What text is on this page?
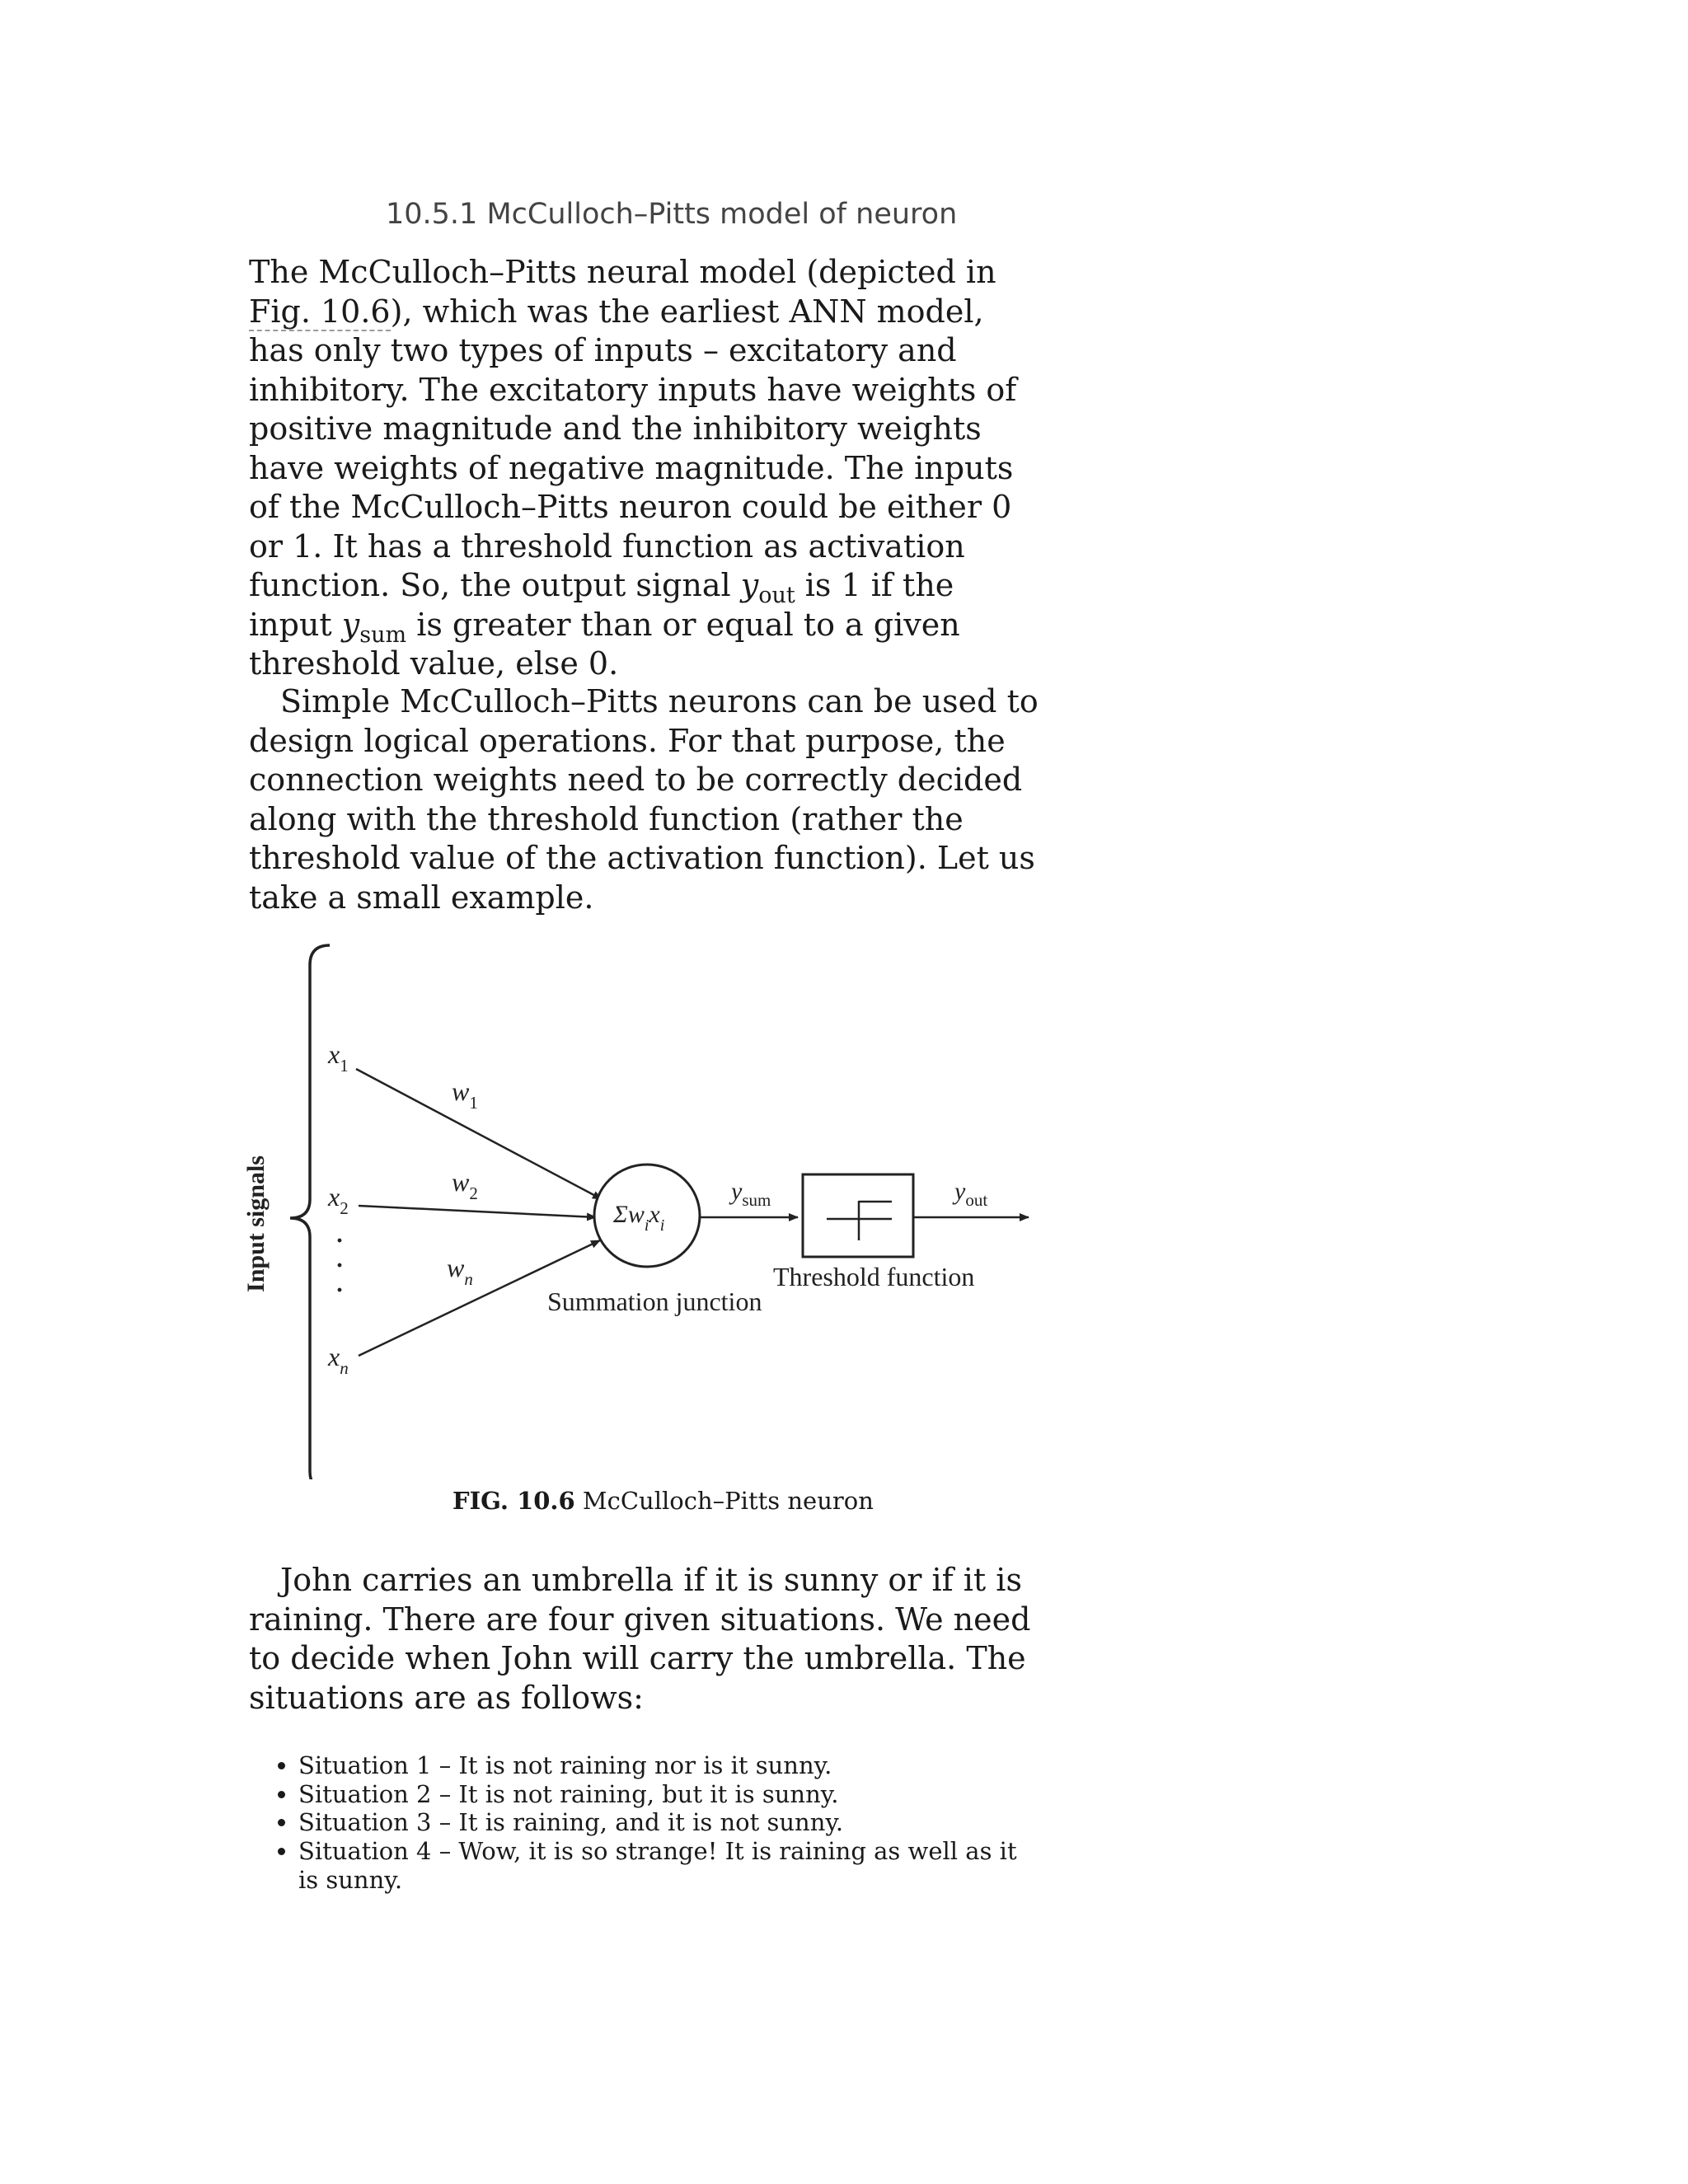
10.5.1 McCulloch–Pitts model of neuron

The McCulloch–Pitts neural model (depicted in Fig. 10.6), which was the earliest ANN model, has only two types of inputs – excitatory and inhibitory. The excitatory inputs have weights of positive magnitude and the inhibitory weights have weights of negative magnitude. The inputs of the McCulloch–Pitts neuron could be either 0 or 1. It has a threshold function as activation function. So, the output signal $y_{out}$ is 1 if the input $y_{sum}$ is greater than or equal to a given threshold value, else 0.

Simple McCulloch–Pitts neurons can be used to design logical operations. For that purpose, the connection weights need to be correctly decided along with the threshold function (rather the threshold value of the activation function). Let us take a small example.

Input signals
$x_1$
$x_2$
$x_n$
·
·
·
$w_1$
$w_2$
$w_n$
$\Sigma w_ix_i$
Summation junction
$y_{sum}$
Threshold function
$y_{out}$

FIG. 10.6 McCulloch–Pitts neuron

John carries an umbrella if it is sunny or if it is raining. There are four given situations. We need to decide when John will carry the umbrella. The situations are as follows:

• Situation 1 – It is not raining nor is it sunny.
• Situation 2 – It is not raining, but it is sunny.
• Situation 3 – It is raining, and it is not sunny.
• Situation 4 – Wow, it is so strange! It is raining as well as it is sunny.
